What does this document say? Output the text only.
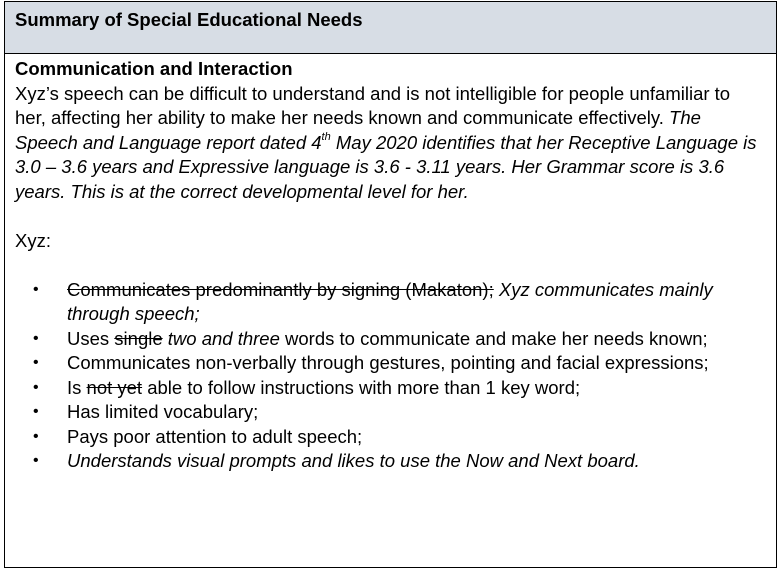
Summary of Special Educational Needs
Communication and Interaction

Xyz’s speech can be difficult to understand and is not intelligible for people unfamiliar to her, affecting her ability to make her needs known and communicate effectively. The Speech and Language report dated 4th May 2020 identifies that her Receptive Language is 3.0 – 3.6 years and Expressive language is 3.6 - 3.11 years. Her Grammar score is 3.6 years. This is at the correct developmental level for her.

Xyz:

• Communicates predominantly by signing (Makaton); Xyz communicates mainly through speech;
• Uses single two and three words to communicate and make her needs known;
• Communicates non-verbally through gestures, pointing and facial expressions;
• Is not yet able to follow instructions with more than 1 key word;
• Has limited vocabulary;
• Pays poor attention to adult speech;
• Understands visual prompts and likes to use the Now and Next board.
